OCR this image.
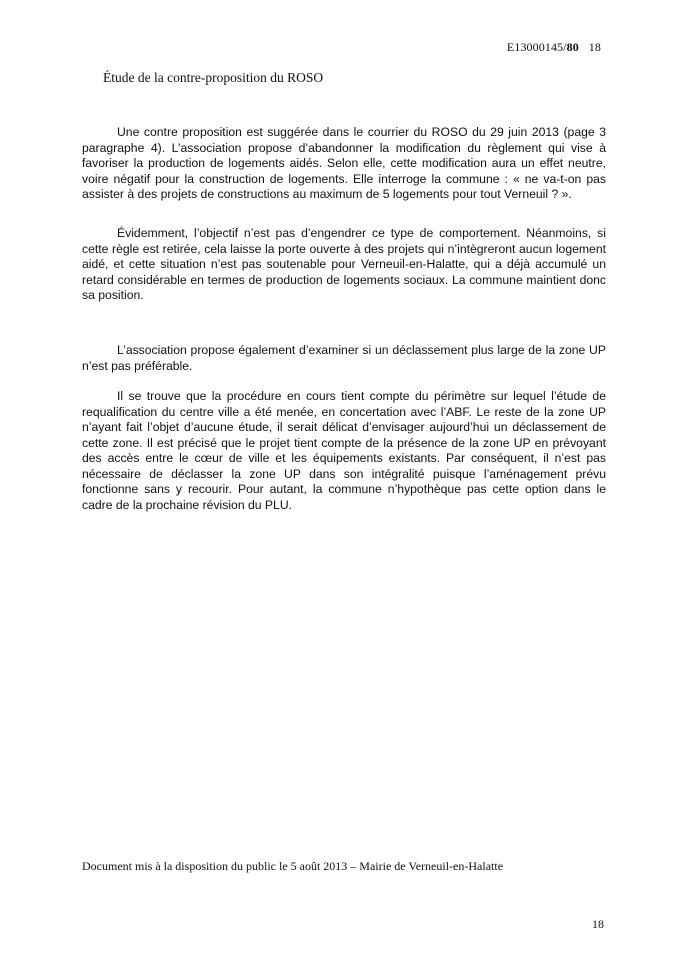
E13000145/80 18
Étude de la contre-proposition du ROSO

Une contre proposition est suggérée dans le courrier du ROSO du 29 juin 2013 (page 3 paragraphe 4). L’association propose d’abandonner la modification du règlement qui vise à favoriser la production de logements aidés. Selon elle, cette modification aura un effet neutre, voire négatif pour la construction de logements. Elle interroge la commune : « ne va-t-on pas assister à des projets de constructions au maximum de 5 logements pour tout Verneuil ? ».

Évidemment, l’objectif n’est pas d’engendrer ce type de comportement. Néanmoins, si cette règle est retirée, cela laisse la porte ouverte à des projets qui n’intègreront aucun logement aidé, et cette situation n’est pas soutenable pour Verneuil-en-Halatte, qui a déjà accumulé un retard considérable en termes de production de logements sociaux. La commune maintient donc sa position.

L’association propose également d’examiner si un déclassement plus large de la zone UP n’est pas préférable.

Il se trouve que la procédure en cours tient compte du périmètre sur lequel l’étude de requalification du centre ville a été menée, en concertation avec l’ABF. Le reste de la zone UP n’ayant fait l’objet d’aucune étude, il serait délicat d’envisager aujourd’hui un déclassement de cette zone. Il est précisé que le projet tient compte de la présence de la zone UP en prévoyant des accès entre le cœur de ville et les équipements existants. Par conséquent, il n’est pas nécessaire de déclasser la zone UP dans son intégralité puisque l’aménagement prévu fonctionne sans y recourir. Pour autant, la commune n’hypothèque pas cette option dans le cadre de la prochaine révision du PLU.

Document mis à la disposition du public le 5 août 2013 – Mairie de Verneuil-en-Halatte
18
